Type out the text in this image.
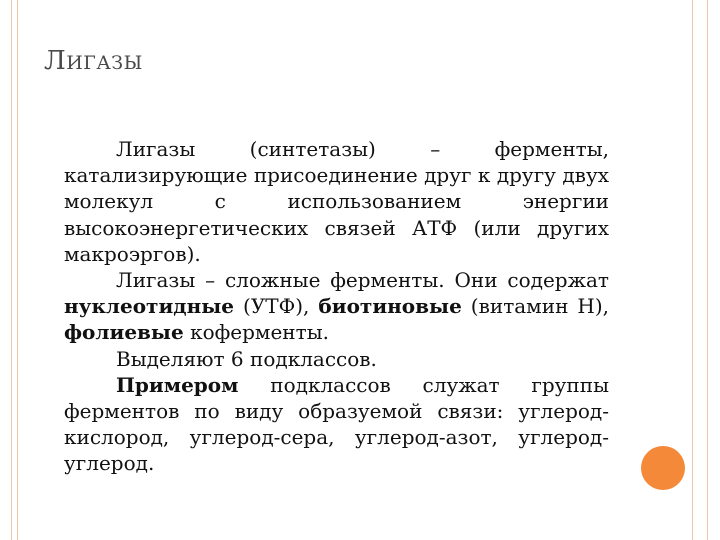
ЛИГАЗЫ

Лигазы (синтетазы) – ферменты, катализирующие присоединение друг к другу двух молекул с использованием энергии высокоэнергетических связей АТФ (или других макроэргов).

Лигазы – сложные ферменты. Они содержат нуклеотидные (УТФ), биотиновые (витамин Н), фолиевые коферменты.

Выделяют 6 подклассов.

Примером подклассов служат группы ферментов по виду образуемой связи: углерод-кислород, углерод-сера, углерод-азот, углерод-углерод.
